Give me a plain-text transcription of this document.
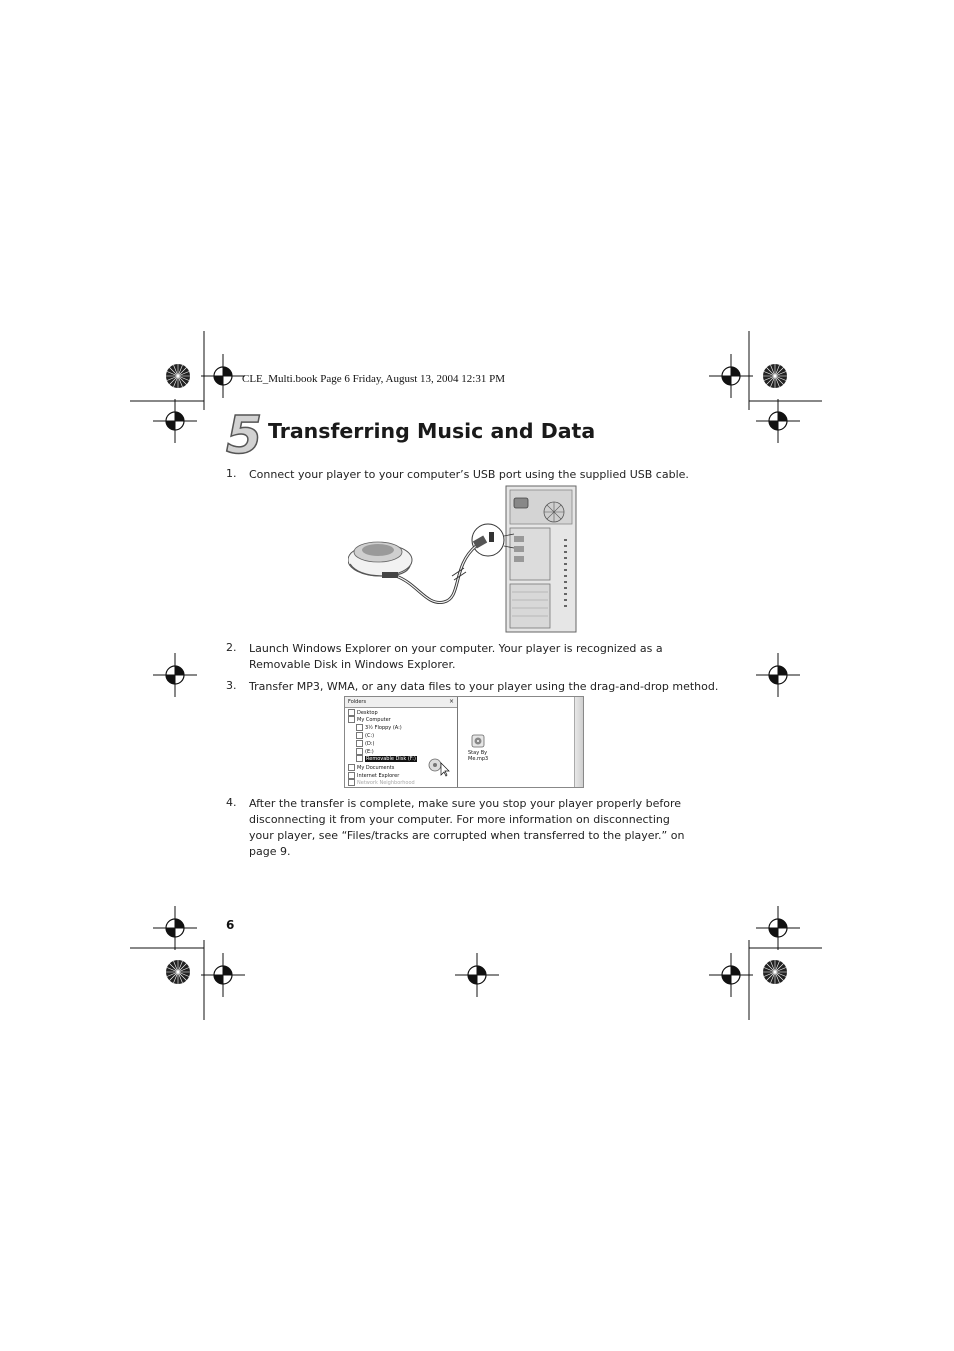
CLE_Multi.book Page 6 Friday, August 13, 2004 12:31 PM
5 Transferring Music and Data
1. Connect your player to your computer’s USB port using the supplied USB cable.
2. Launch Windows Explorer on your computer. Your player is recognized as a Removable Disk in Windows Explorer.
3. Transfer MP3, WMA, or any data files to your player using the drag-and-drop method.
Folders	×
Desktop
My Computer
3½ Floppy (A:)
(C:)
(D:)
(E:)
Removable Disk (F:)
My Documents
Internet Explorer
Network Neighborhood
Stay By Me.mp3
4. After the transfer is complete, make sure you stop your player properly before disconnecting it from your computer. For more information on disconnecting your player, see “Files/tracks are corrupted when transferred to the player.” on page 9.
6
